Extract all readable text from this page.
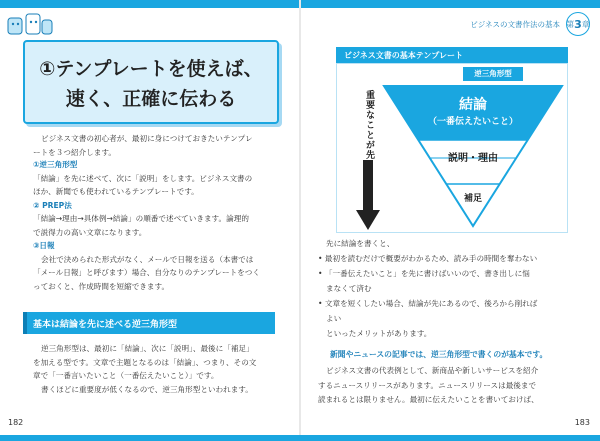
ビジネスの文書作法の基本 第 3 章
①テンプレートを使えば、
速く、正確に伝わる
ビジネス文書の初心者が、最初に身につけておきたいテンプレ
ートを３つ紹介します。
①逆三角形型
「結論」を先に述べて、次に「説明」をします。ビジネス文書の
ほか、新聞でも使われているテンプレートです。
② PREP法
「結論→理由→具体例→結論」の順番で述べていきます。論理的
で説得力の高い文章になります。
③日報
会社で決められた形式がなく、メールで日報を送る（本書では
「メール日報」と呼びます）場合、自分なりのテンプレートをつく
っておくと、作成時間を短縮できます。
基本は結論を先に述べる逆三角形型
逆三角形型は、最初に「結論」、次に「説明」、最後に「補足」
を加える型です。文章で主題となるのは「結論」、つまり、その文
章で「一番言いたいこと（一番伝えたいこと）」です。
書くほどに重要度が低くなるので、逆三角形型といわれます。
182
ビジネス文書の基本テンプレート
逆三角形型
重要なことが先	結論
（一番伝えたいこと）
説明・理由
補足
先に結論を書くと、
• 最初を読むだけで概要がわかるため、読み手の時間を奪わない
• 「一番伝えたいこと」を先に書けばいいので、書き出しに悩
まなくて済む
• 文章を短くしたい場合、結論が先にあるので、後ろから削れば
よい
といったメリットがあります。
新聞やニュースの記事では、逆三角形型で書くのが基本です。
ビジネス文書の代表例として、新商品や新しいサービスを紹介
するニュースリリースがあります。ニュースリリースは最後まで
読まれるとは限りません。最初に伝えたいことを書いておけば、
183
